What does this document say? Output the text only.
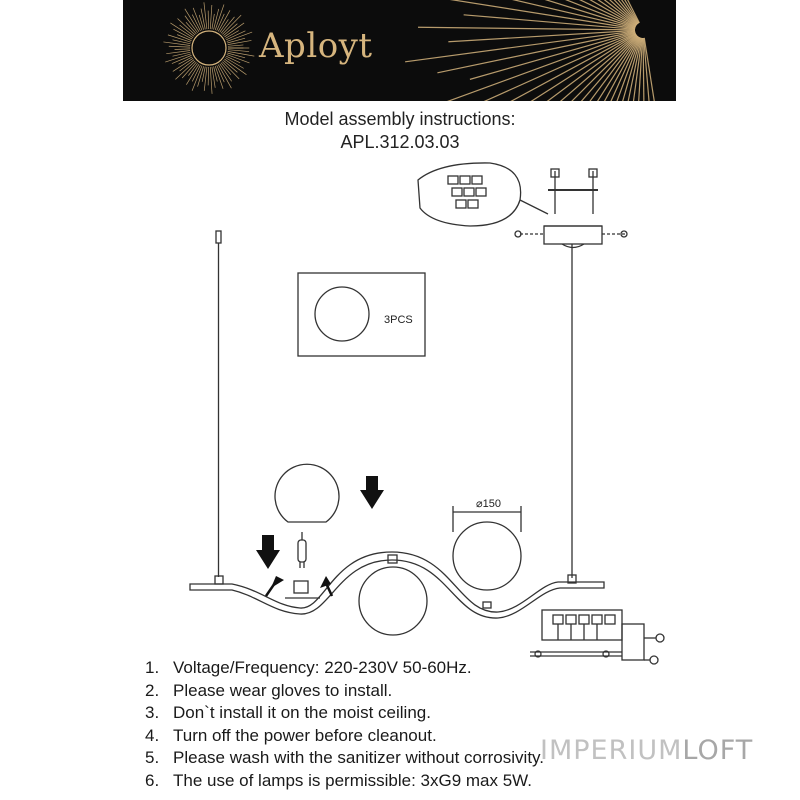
Aployt
Model assembly instructions:
APL.312.03.03
3PCS
⌀150
1. Voltage/Frequency: 220-230V 50-60Hz.
2. Please wear gloves to install.
3. Don`t install it on the moist ceiling.
4. Turn off the power before cleanout.
5. Please wash with the sanitizer without corrosivity.
6. The use of lamps is permissible: 3xG9 max 5W.
IMPERIUMLOFT
